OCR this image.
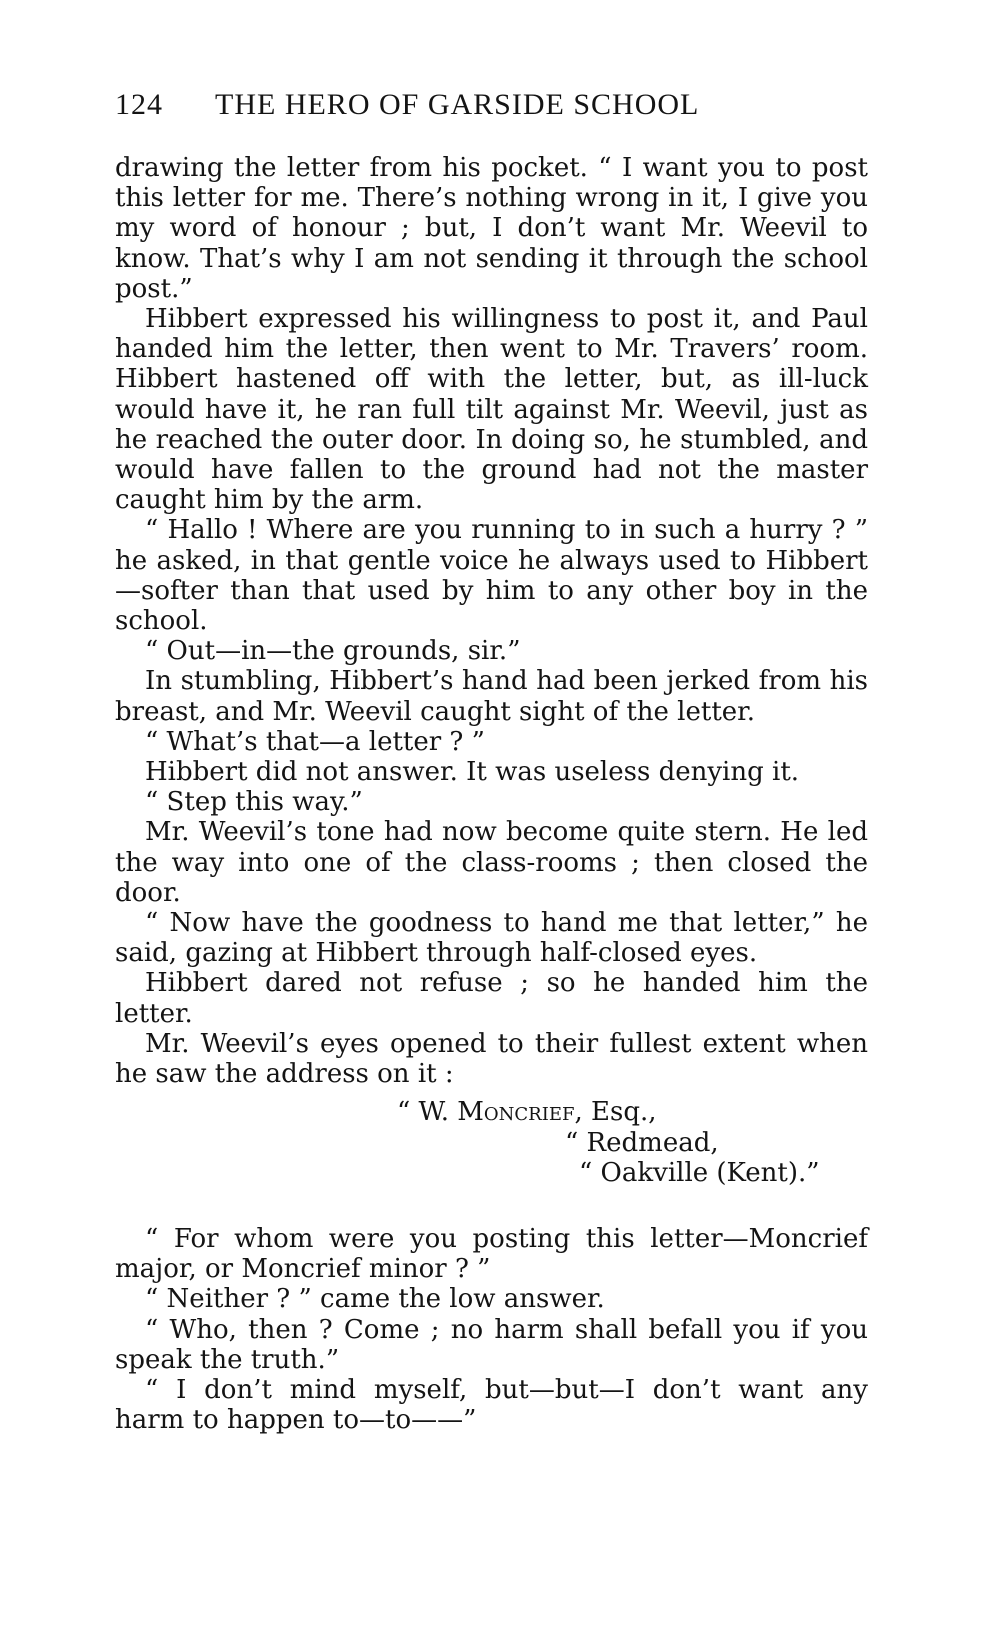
124 THE HERO OF GARSIDE SCHOOL

drawing the letter from his pocket. “ I want you to post this letter for me. There’s nothing wrong in it, I give you my word of honour ; but, I don’t want Mr. Weevil to know. That’s why I am not sending it through the school post.”

Hibbert expressed his willingness to post it, and Paul handed him the letter, then went to Mr. Travers’ room. Hibbert hastened off with the letter, but, as ill-luck would have it, he ran full tilt against Mr. Weevil, just as he reached the outer door. In doing so, he stumbled, and would have fallen to the ground had not the master caught him by the arm.

“ Hallo ! Where are you running to in such a hurry ? ” he asked, in that gentle voice he always used to Hibbert—softer than that used by him to any other boy in the school.

“ Out—in—the grounds, sir.”

In stumbling, Hibbert’s hand had been jerked from his breast, and Mr. Weevil caught sight of the letter.

“ What’s that—a letter ? ”

Hibbert did not answer. It was useless denying it.

“ Step this way.”

Mr. Weevil’s tone had now become quite stern. He led the way into one of the class-rooms ; then closed the door.

“ Now have the goodness to hand me that letter,” he said, gazing at Hibbert through half-closed eyes.

Hibbert dared not refuse ; so he handed him the letter.

Mr. Weevil’s eyes opened to their fullest extent when he saw the address on it :

“ W. Moncrief, Esq.,
“ Redmead,
“ Oakville (Kent).”

“ For whom were you posting this letter—Moncrief major, or Moncrief minor ? ”

“ Neither ? ” came the low answer.

“ Who, then ? Come ; no harm shall befall you if you speak the truth.”

“ I don’t mind myself, but—but—I don’t want any harm to happen to—to——”
